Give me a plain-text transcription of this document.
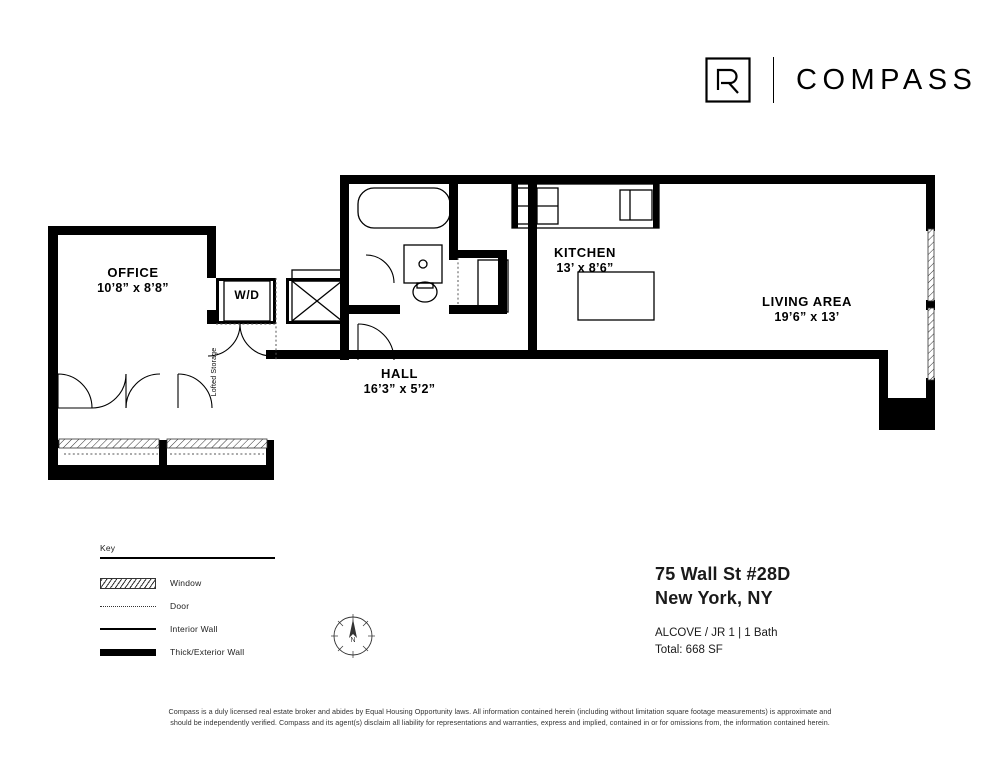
COMPASS
OFFICE
10’8” x 8’8”
KITCHEN
13’ x 8’6”
LIVING AREA
19’6” x 13’
HALL
16’3” x 5’2”
W/D
Lofted Storage
Key
Window
Door
Interior Wall
Thick/Exterior Wall
N
75 Wall St #28D
New York, NY
ALCOVE / JR 1 | 1 Bath
Total: 668 SF
Compass is a duly licensed real estate broker and abides by Equal Housing Opportunity laws. All information contained herein (including without limitation square footage measurements) is approximate and
should be independently verified. Compass and its agent(s) disclaim all liability for representations and warranties, express and implied, contained in or for omissions from, the information contained herein.
